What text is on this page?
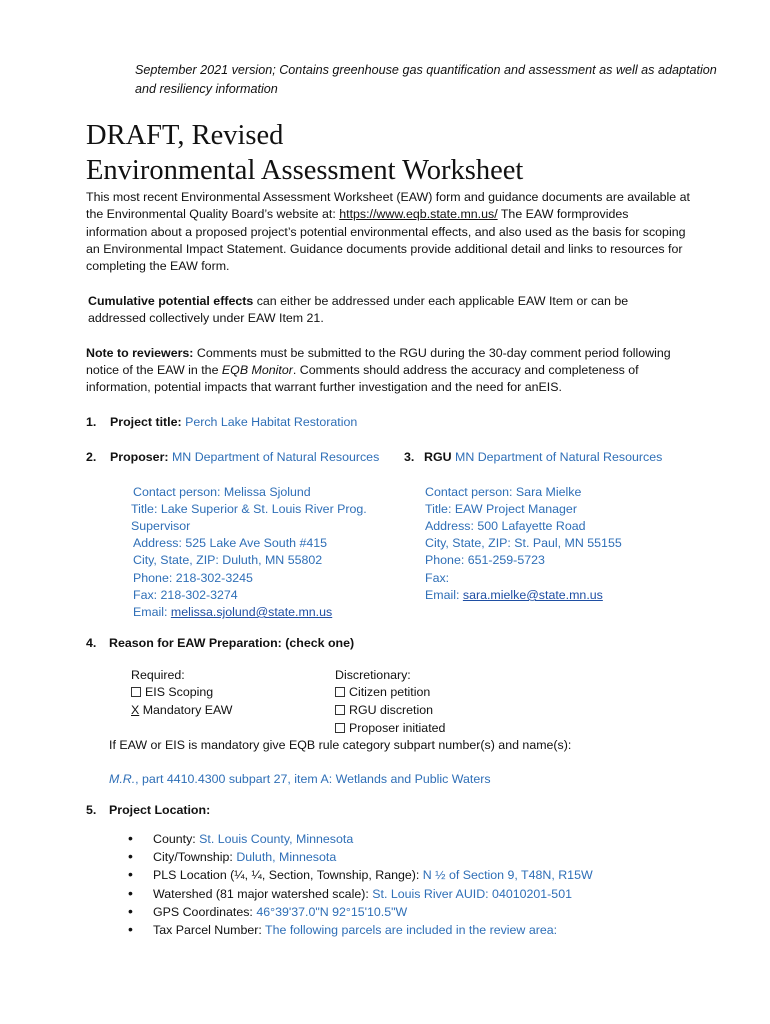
September 2021 version; Contains greenhouse gas quantification and assessment as well as adaptation
and resiliency information
DRAFT, Revised
Environmental Assessment Worksheet
This most recent Environmental Assessment Worksheet (EAW) form and guidance documents are available at
the Environmental Quality Board’s website at: https://www.eqb.state.mn.us/ The EAW formprovides
information about a proposed project’s potential environmental effects, and also used as the basis for scoping
an Environmental Impact Statement. Guidance documents provide additional detail and links to resources for
completing the EAW form.
Cumulative potential effects can either be addressed under each applicable EAW Item or can be
addressed collectively under EAW Item 21.
Note to reviewers: Comments must be submitted to the RGU during the 30-day comment period following
notice of the EAW in the EQB Monitor. Comments should address the accuracy and completeness of
information, potential impacts that warrant further investigation and the need for anEIS.
1. Project title: Perch Lake Habitat Restoration
2. Proposer: MN Department of Natural Resources 3. RGU MN Department of Natural Resources
Contact person: Melissa Sjolund
Title: Lake Superior & St. Louis River Prog.
Supervisor
Address: 525 Lake Ave South #415
City, State, ZIP: Duluth, MN 55802
Phone: 218-302-3245
Fax: 218-302-3274
Email: melissa.sjolund@state.mn.us
Contact person: Sara Mielke
Title: EAW Project Manager
Address: 500 Lafayette Road
City, State, ZIP: St. Paul, MN 55155
Phone: 651-259-5723
Fax:
Email: sara.mielke@state.mn.us
4. Reason for EAW Preparation: (check one)
Required:
EIS Scoping
X Mandatory EAW
Discretionary:
Citizen petition
RGU discretion
Proposer initiated
If EAW or EIS is mandatory give EQB rule category subpart number(s) and name(s):
M.R., part 4410.4300 subpart 27, item A: Wetlands and Public Waters
5. Project Location:
• County: St. Louis County, Minnesota
• City/Township: Duluth, Minnesota
• PLS Location (¼, ¼, Section, Township, Range): N ½ of Section 9, T48N, R15W
• Watershed (81 major watershed scale): St. Louis River AUID: 04010201-501
• GPS Coordinates: 46°39'37.0"N 92°15'10.5"W
• Tax Parcel Number: The following parcels are included in the review area:
